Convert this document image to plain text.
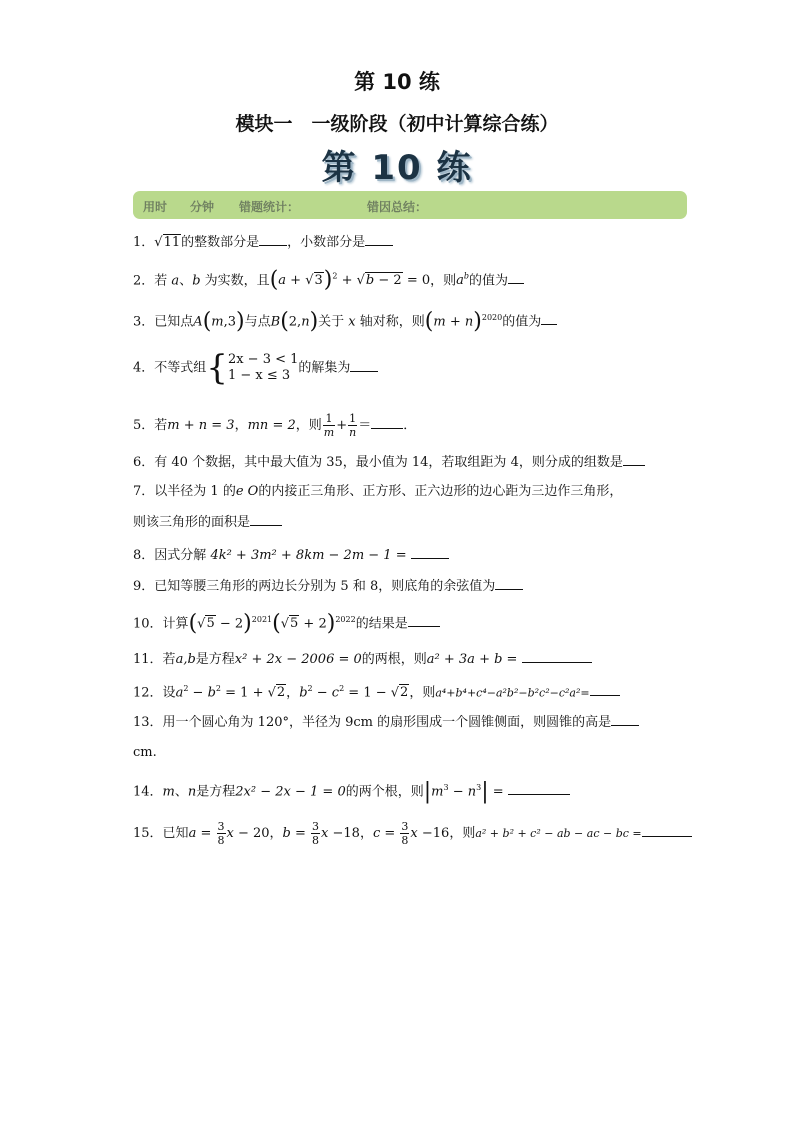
第 10 练
模块一　一级阶段（初中计算综合练）
第 10 练
用时 分钟 错题统计：	错因总结：
1．√11的整数部分是 ，小数部分是
2．若 a、b 为实数，且$(a + √3)^2 + √b - 2 = 0$，则$a^b$的值为
3．已知点A(m,3)与点B(2,n)关于 x 轴对称，则$(m + n)^{2020}$的值为
4．不等式组{ 2x − 3 < 1
1 − x ≤ 3 的解集为
5．若m + n = 3，mn = 2，则 $\frac{1}{m} + \frac{1}{n}$ ＝ ．
6．有 40 个数据，其中最大值为 35，最小值为 14，若取组距为 4，则分成的组数是
7．以半径为 1 的e O的内接正三角形、正方形、正六边形的边心距为三边作三角形，
则该三角形的面积是
8．因式分解 4k² + 3m² + 8km − 2m − 1 =
9．已知等腰三角形的两边长分别为 5 和 8，则底角的余弦值为
10．计算$(√5 - 2)^{2021}(√5 + 2)^{2022}$的结果是
11．若a,b是方程x² + 2x − 2006 = 0的两根，则a² + 3a + b =
12．设$a^2 - b^2 = 1 + √2$，$b^2 - c^2 = 1 - √2$，则a⁴+b⁴+c⁴−a²b²−b²c²−c²a²=
13．用一个圆心角为 120°，半径为 9cm 的扇形围成一个圆锥侧面，则圆锥的高是
cm.
14．m、n是方程2x² − 2x − 1 = 0的两个根，则$|m^3 - n^3|$ =
15．已知$a = \frac{3}{8}$ x − 20，$b = \frac{3}{8}$ x −18，$c = \frac{3}{8}$ x −16，则a² + b² + c² − ab − ac − bc =
